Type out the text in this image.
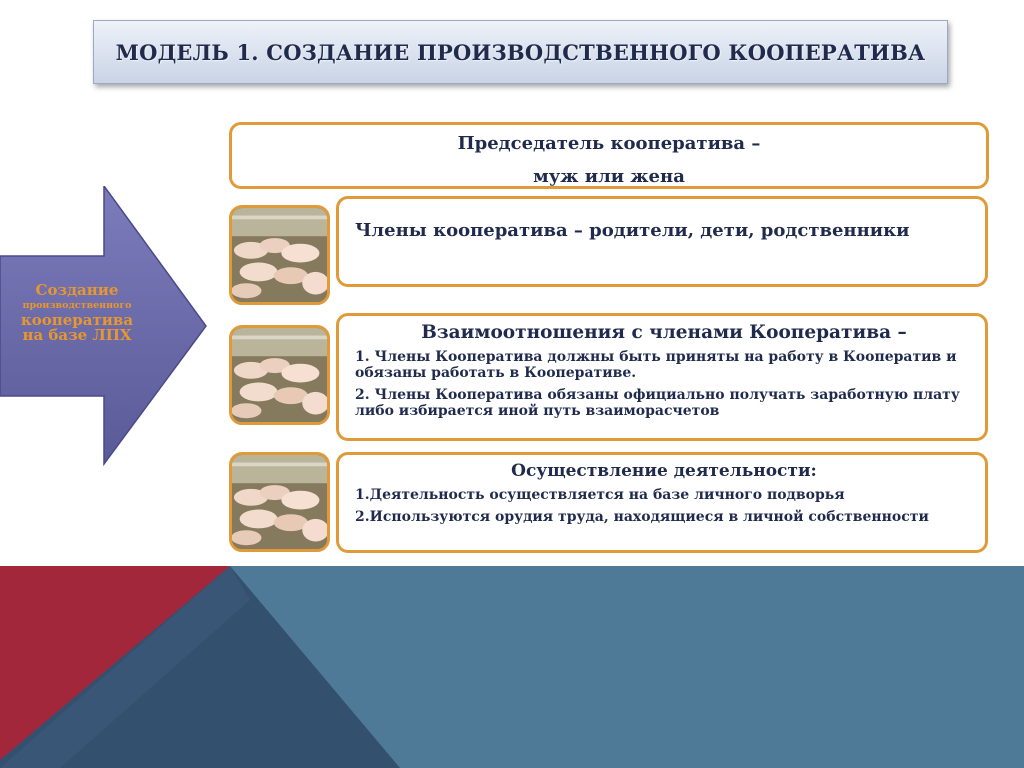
МОДЕЛЬ 1. СОЗДАНИЕ ПРОИЗВОДСТВЕННОГО КООПЕРАТИВА
Создание
производственного
кооператива на базе ЛПХ
Председатель кооператива –
муж или жена
Члены кооператива – родители, дети, родственники
Взаимоотношения с членами Кооператива –
1. Члены Кооператива должны быть приняты на работу в Кооператив и обязаны работать в Кооперативе.
2. Члены Кооператива обязаны официально получать заработную плату либо избирается иной путь взаиморасчетов
Осуществление деятельности:
1.Деятельность осуществляется на базе личного подворья
2.Используются орудия труда, находящиеся в личной собственности
